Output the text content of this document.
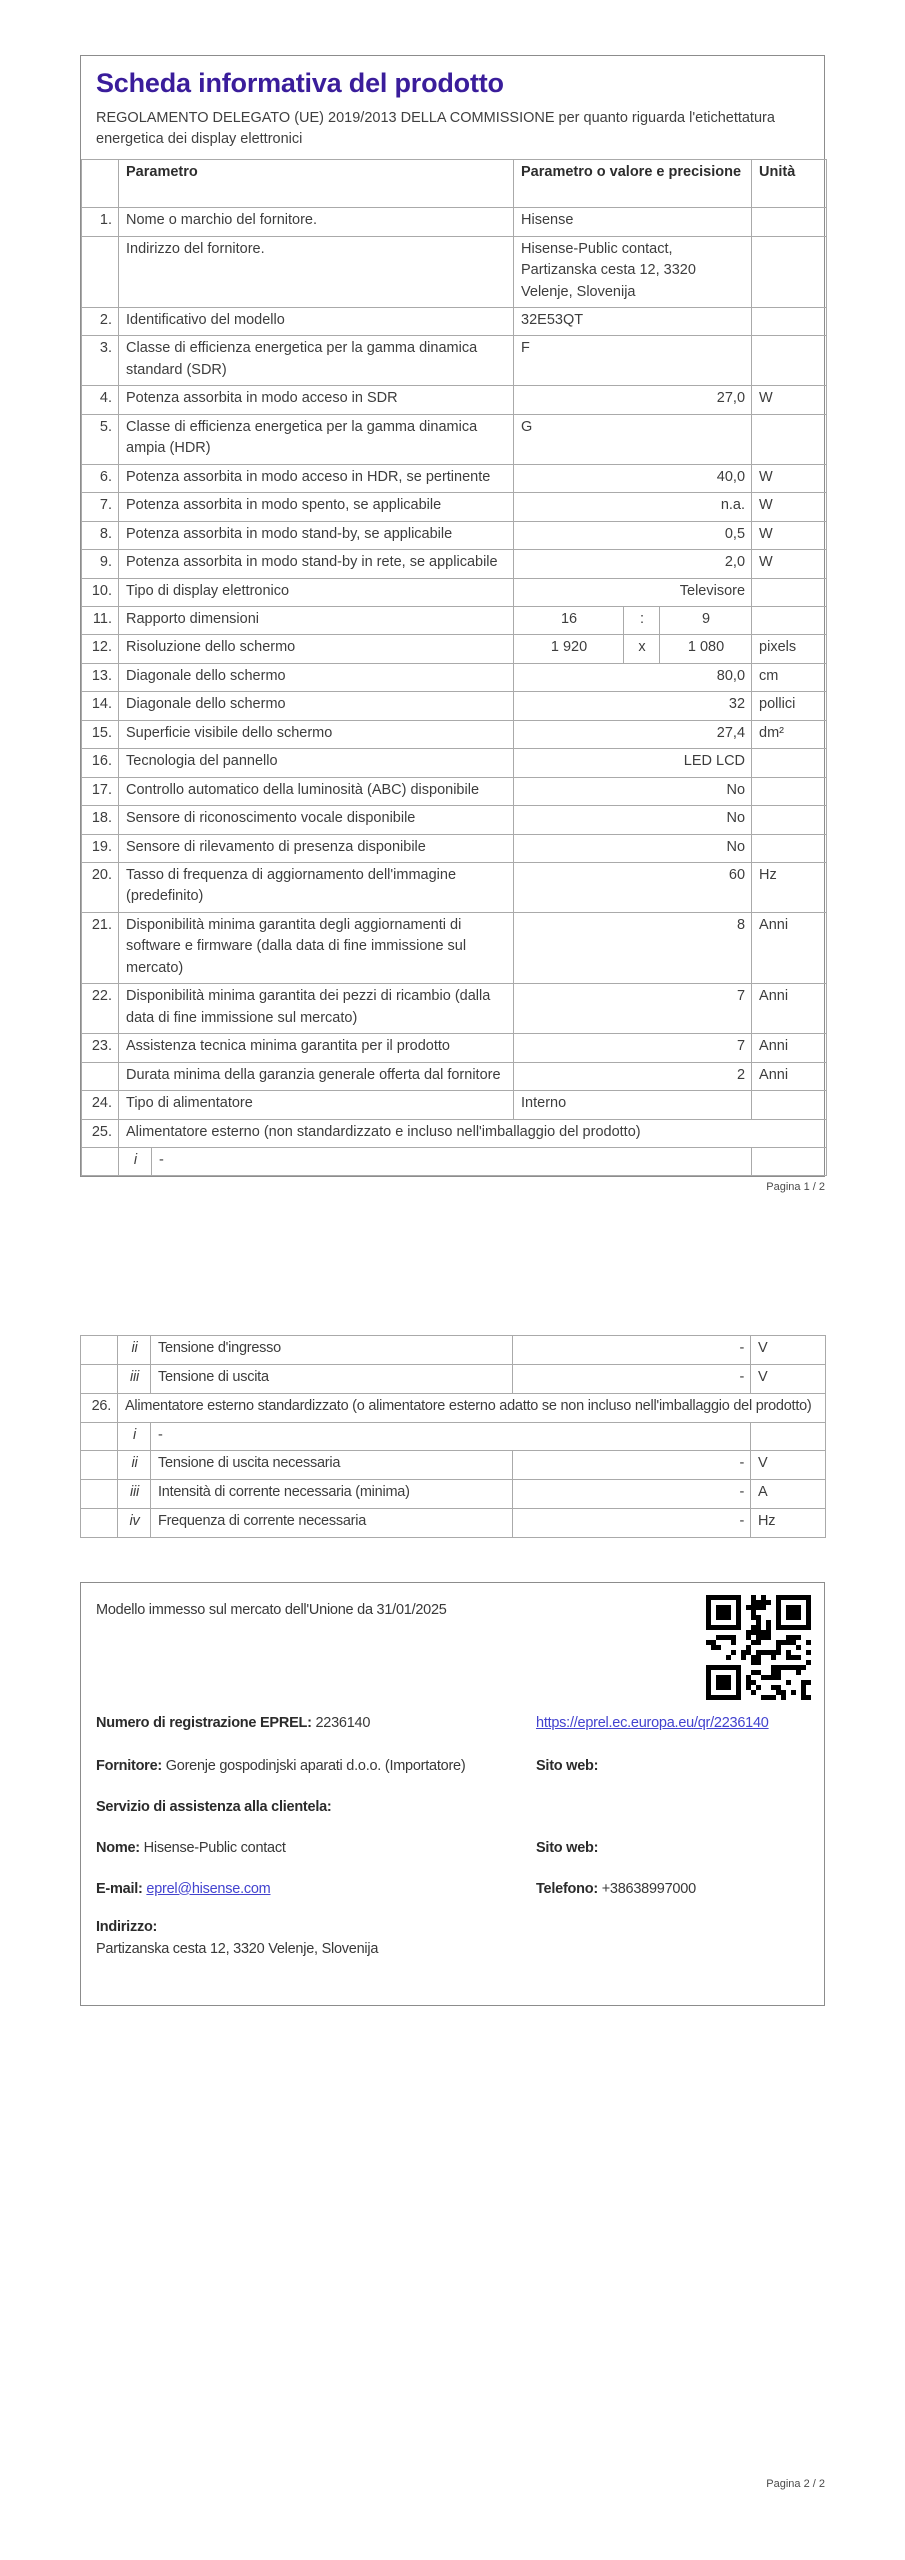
Scheda informativa del prodotto

REGOLAMENTO DELEGATO (UE) 2019/2013 DELLA COMMISSIONE per quanto riguarda l'etichettatura energetica dei display elettronici

	Parametro		Parametro o valore e precisione			Unità
1.	Nome o marchio del fornitore.		Hisense			
	Indirizzo del fornitore.		Hisense-Public contact, Partizanska cesta 12, 3320 Velenje, Slovenija			
2.	Identificativo del modello		32E53QT			
3.	Classe di efficienza energetica per la gamma dinamica standard (SDR)		F			
4.	Potenza assorbita in modo acceso in SDR		27,0			W
5.	Classe di efficienza energetica per la gamma dinamica ampia (HDR)		G			
6.	Potenza assorbita in modo acceso in HDR, se pertinente		40,0			W
7.	Potenza assorbita in modo spento, se applicabile		n.a.			W
8.	Potenza assorbita in modo stand-by, se applicabile		0,5			W
9.	Potenza assorbita in modo stand-by in rete, se applicabile		2,0			W
10.	Tipo di display elettronico		Televisore			
11.	Rapporto dimensioni		16	:	9	
12.	Risoluzione dello schermo		1 920	x	1 080	pixels
13.	Diagonale dello schermo		80,0			cm
14.	Diagonale dello schermo		32			pollici
15.	Superficie visibile dello schermo		27,4			dm²
16.	Tecnologia del pannello		LED LCD			
17.	Controllo automatico della luminosità (ABC) disponibile		No			
18.	Sensore di riconoscimento vocale disponibile		No			
19.	Sensore di rilevamento di presenza disponibile		No			
20.	Tasso di frequenza di aggiornamento dell'immagine (predefinito)		60			Hz
21.	Disponibilità minima garantita degli aggiornamenti di software e firmware (dalla data di fine immissione sul mercato)		8			Anni
22.	Disponibilità minima garantita dei pezzi di ricambio (dalla data di fine immissione sul mercato)		7			Anni
23.	Assistenza tecnica minima garantita per il prodotto		7			Anni
	Durata minima della garanzia generale offerta dal fornitore		2			Anni
24.	Tipo di alimentatore		Interno			
25.	Alimentatore esterno (non standardizzato e incluso nell'imballaggio del prodotto)					
	i	-				
Pagina 1 / 2
	ii	Tensione d'ingresso	-	V
	iii	Tensione di uscita	-	V
26.	Alimentatore esterno standardizzato (o alimentatore esterno adatto se non incluso nell'imballaggio del prodotto)			
	i	-		
	ii	Tensione di uscita necessaria	-	V
	iii	Intensità di corrente necessaria (minima)	-	A
	iv	Frequenza di corrente necessaria	-	Hz

Modello immesso sul mercato dell'Unione da 31/01/2025

Numero di registrazione EPREL: 2236140	https://eprel.ec.europa.eu/qr/2236140
Fornitore: Gorenje gospodinjski aparati d.o.o. (Importatore)	Sito web:
Servizio di assistenza alla clientela:
Nome: Hisense-Public contact	Sito web:
E-mail: eprel@hisense.com	Telefono: +38638997000
Indirizzo:
Partizanska cesta 12, 3320 Velenje, Slovenija
Pagina 2 / 2
